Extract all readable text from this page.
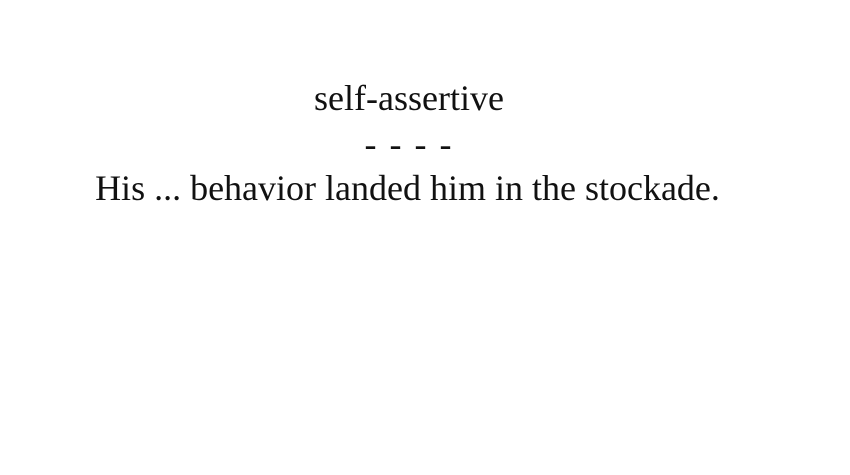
self-assertive
- - - -
His ... behavior landed him in the stockade.
